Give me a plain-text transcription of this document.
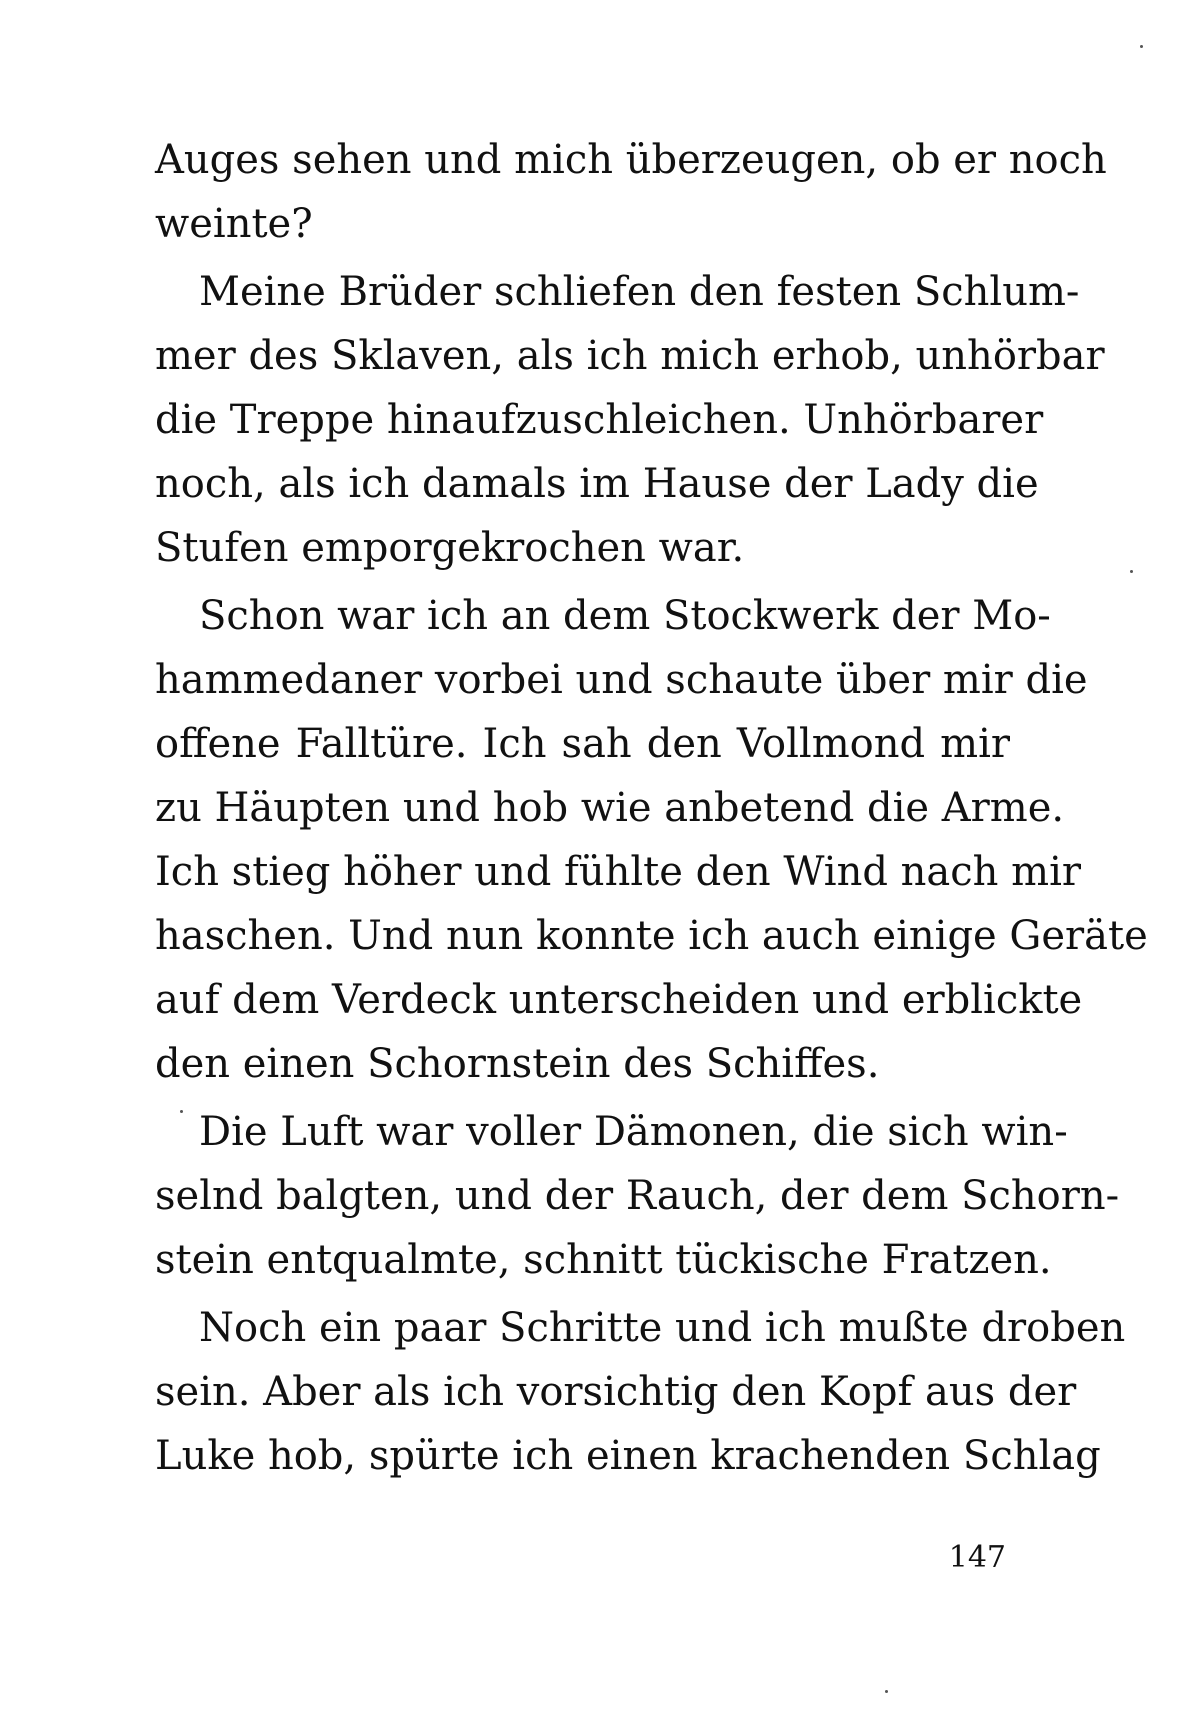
Auges sehen und mich überzeugen, ob er noch
weinte?
Meine Brüder schliefen den festen Schlum-
mer des Sklaven, als ich mich erhob, unhörbar
die Treppe hinaufzuschleichen. Unhörbarer
noch, als ich damals im Hause der Lady die
Stufen emporgekrochen war.
Schon war ich an dem Stockwerk der Mo-
hammedaner vorbei und schaute über mir die
offene Falltüre. Ich sah den Vollmond mir
zu Häupten und hob wie anbetend die Arme.
Ich stieg höher und fühlte den Wind nach mir
haschen. Und nun konnte ich auch einige Geräte
auf dem Verdeck unterscheiden und erblickte
den einen Schornstein des Schiffes.
Die Luft war voller Dämonen, die sich win-
selnd balgten, und der Rauch, der dem Schorn-
stein entqualmte, schnitt tückische Fratzen.
Noch ein paar Schritte und ich mußte droben
sein. Aber als ich vorsichtig den Kopf aus der
Luke hob, spürte ich einen krachenden Schlag
147
